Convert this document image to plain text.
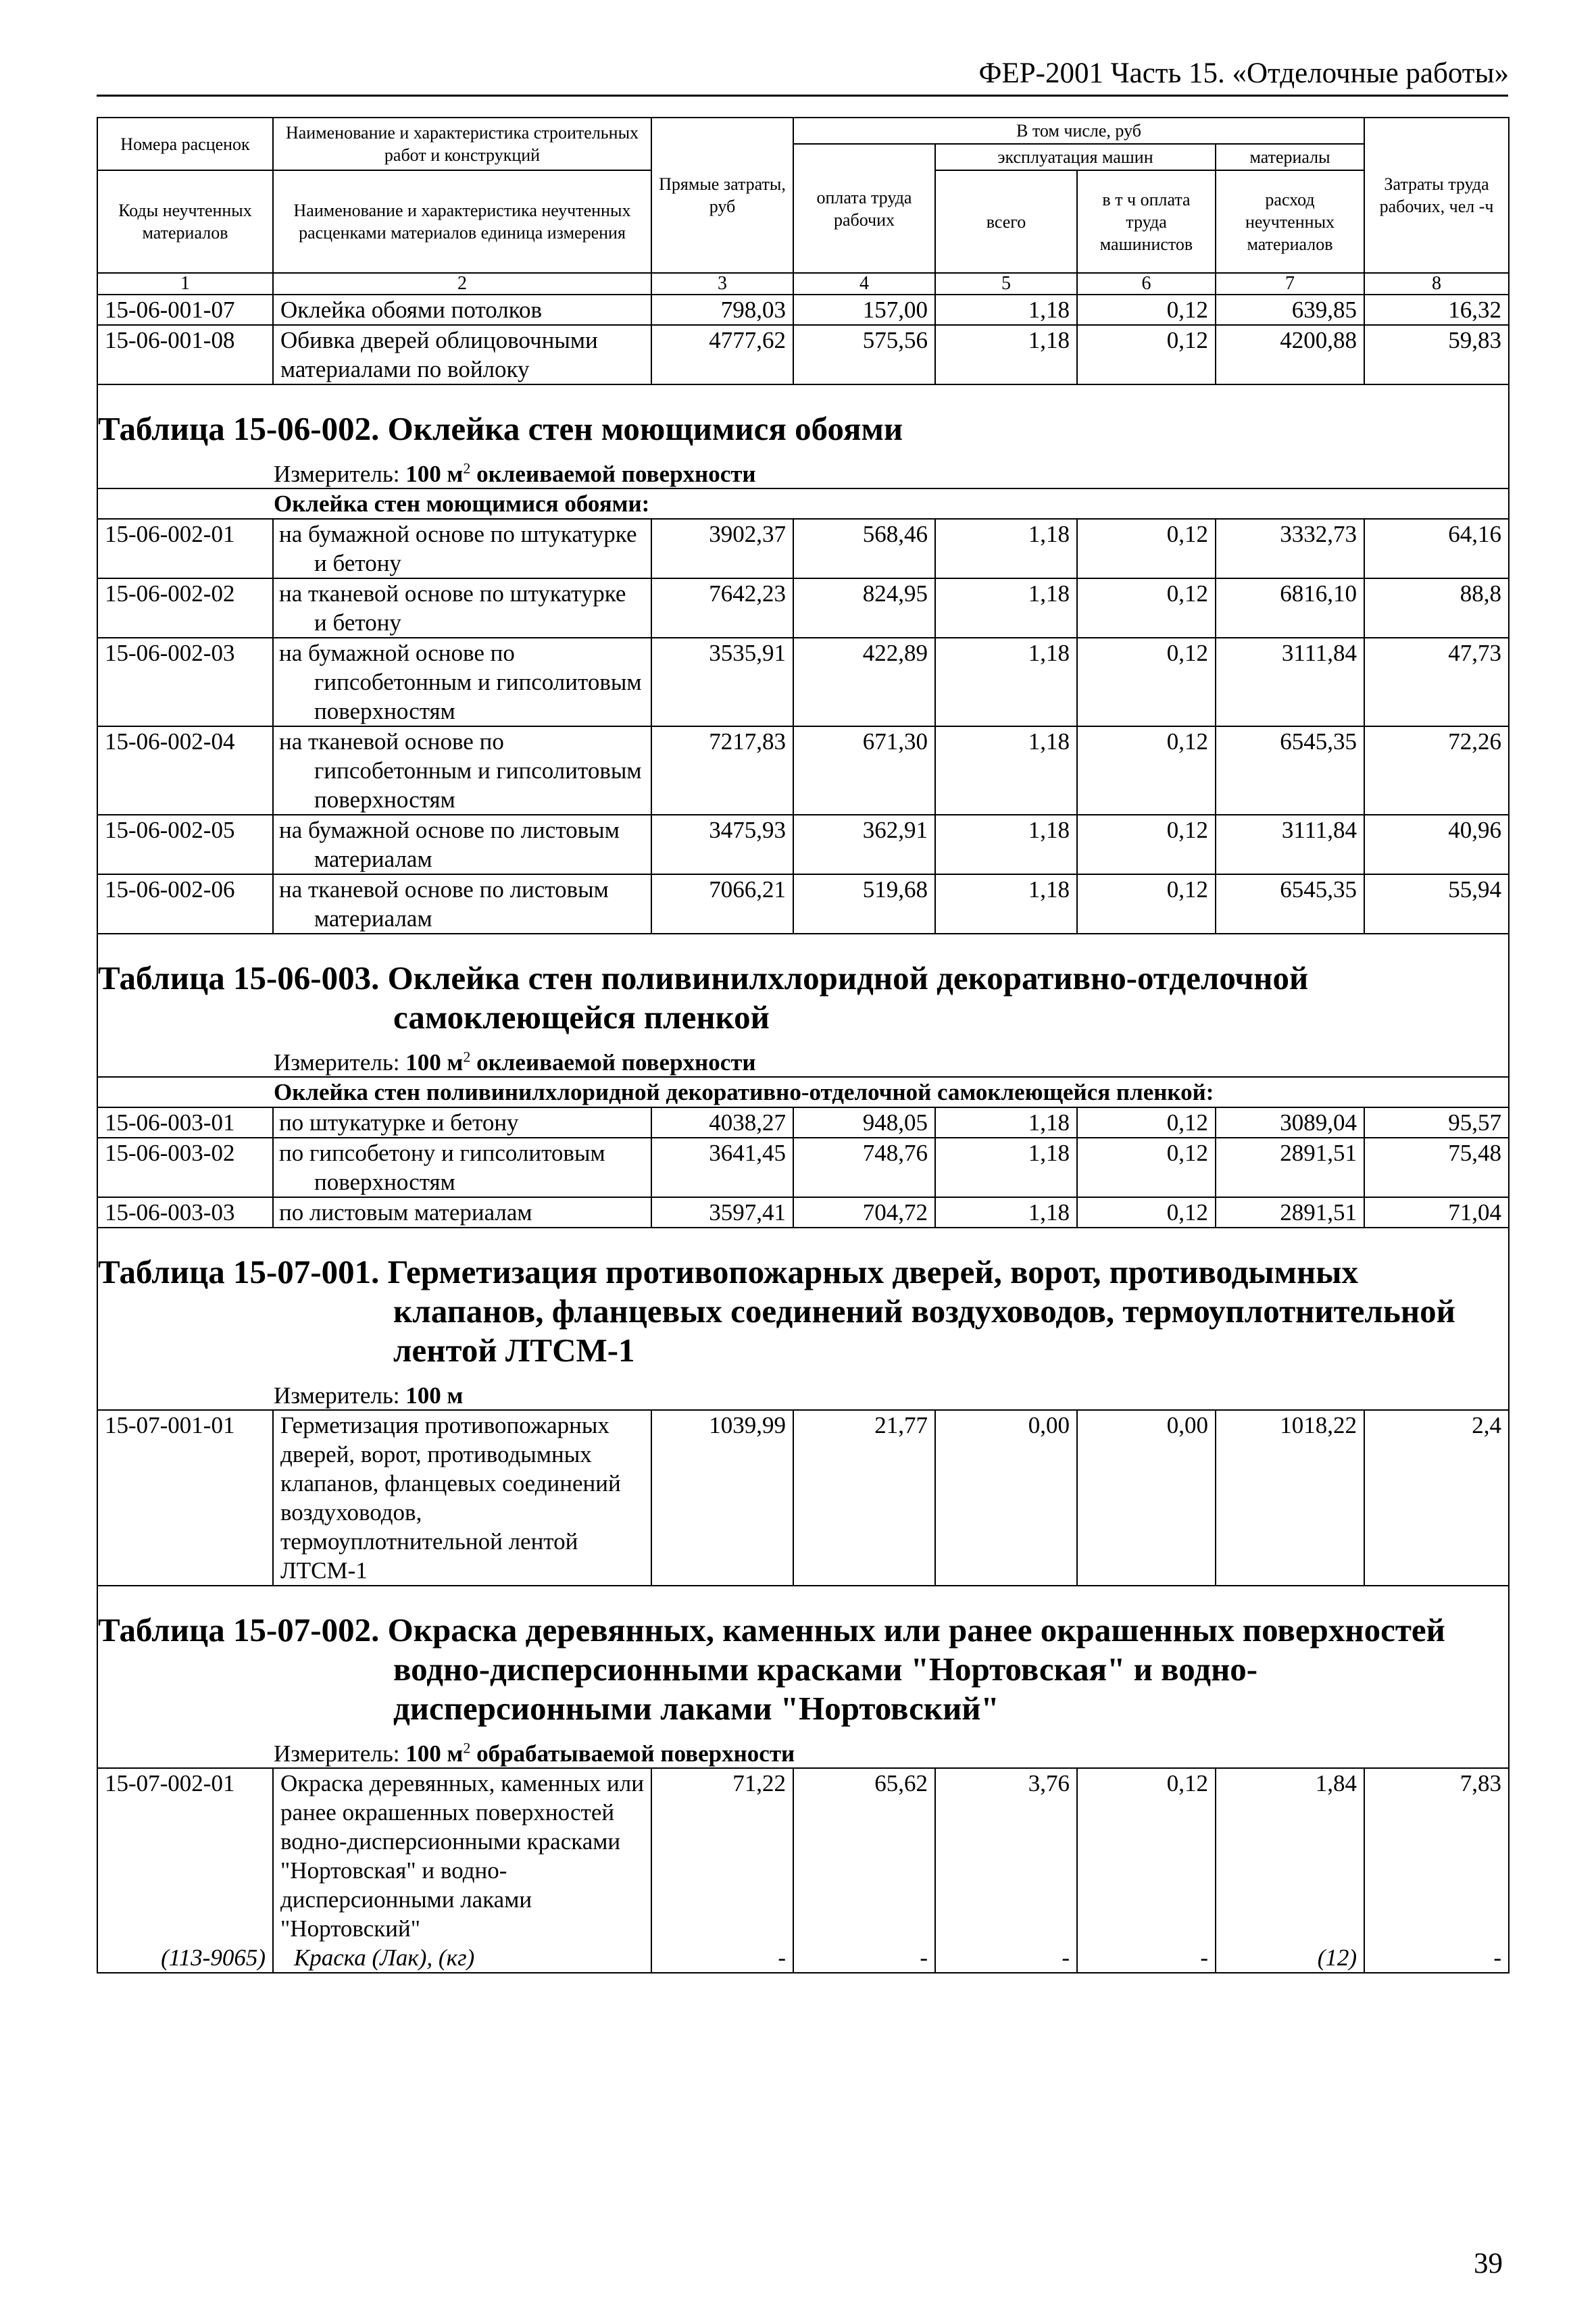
ФЕР-2001 Часть 15. «Отделочные работы»
Номера расценок	Наименование и характеристика строительных работ и конструкций	Прямые затраты, руб	В том числе, руб				Затраты труда рабочих, чел -ч
			оплата труда рабочих	эксплуатация машин		материалы	
Коды неучтенных материалов	Наименование и характеристика неучтенных расценками материалов единица измерения			всего	в т ч оплата труда машинистов	расход неучтенных материалов	

1	2	3	4	5	6	7	8
15-06-001-07	Оклейка обоями потолков	798,03	157,00	1,18	0,12	639,85	16,32
15-06-001-08	Обивка дверей облицовочными материалами по войлоку	4777,62	575,56	1,18	0,12	4200,88	59,83

Таблица 15-06-002. Оклейка стен моющимися обоями
Измеритель: 100 $м^2$ оклеиваемой поверхности							

Оклейка стен моющимися обоями:							
15-06-002-01	на бумажной основе по штукатурке и бетону	3902,37	568,46	1,18	0,12	3332,73	64,16
15-06-002-02	на тканевой основе по штукатурке и бетону	7642,23	824,95	1,18	0,12	6816,10	88,8
15-06-002-03	на бумажной основе по гипсобетонным и гипсолитовым поверхностям	3535,91	422,89	1,18	0,12	3111,84	47,73
15-06-002-04	на тканевой основе по гипсобетонным и гипсолитовым поверхностям	7217,83	671,30	1,18	0,12	6545,35	72,26
15-06-002-05	на бумажной основе по листовым материалам	3475,93	362,91	1,18	0,12	3111,84	40,96
15-06-002-06	на тканевой основе по листовым материалам	7066,21	519,68	1,18	0,12	6545,35	55,94

Таблица 15-06-003. Оклейка стен поливинилхлоридной декоративно-отделочной
самоклеющейся пленкой
Измеритель: 100 $м^2$ оклеиваемой поверхности							

Оклейка стен поливинилхлоридной декоративно-отделочной самоклеющейся пленкой:							
15-06-003-01	по штукатурке и бетону	4038,27	948,05	1,18	0,12	3089,04	95,57
15-06-003-02	по гипсобетону и гипсолитовым поверхностям	3641,45	748,76	1,18	0,12	2891,51	75,48
15-06-003-03	по листовым материалам	3597,41	704,72	1,18	0,12	2891,51	71,04

Таблица 15-07-001. Герметизация противопожарных дверей, ворот, противодымных
клапанов, фланцевых соединений воздуховодов, термоуплотнительной
лентой ЛТСМ-1
Измеритель: 100 м							

15-07-001-01	Герметизация противопожарных дверей, ворот, противодымных клапанов, фланцевых соединений воздуховодов, термоуплотнительной лентой ЛТСМ-1	1039,99	21,77	0,00	0,00	1018,22	2,4

Таблица 15-07-002. Окраска деревянных, каменных или ранее окрашенных поверхностей
водно-дисперсионными красками "Нортовская" и водно-
дисперсионными лаками "Нортовский"
Измеритель: 100 $м^2$ обрабатываемой поверхности							

15-07-002-01	Окраска деревянных, каменных или ранее окрашенных поверхностей водно-дисперсионными красками "Нортовская" и водно-дисперсионными лаками "Нортовский"	71,22	65,62	3,76	0,12	1,84	7,83
(113-9065)	Краска (Лак), (кг)	-	-	-	-	(12)	-
39
